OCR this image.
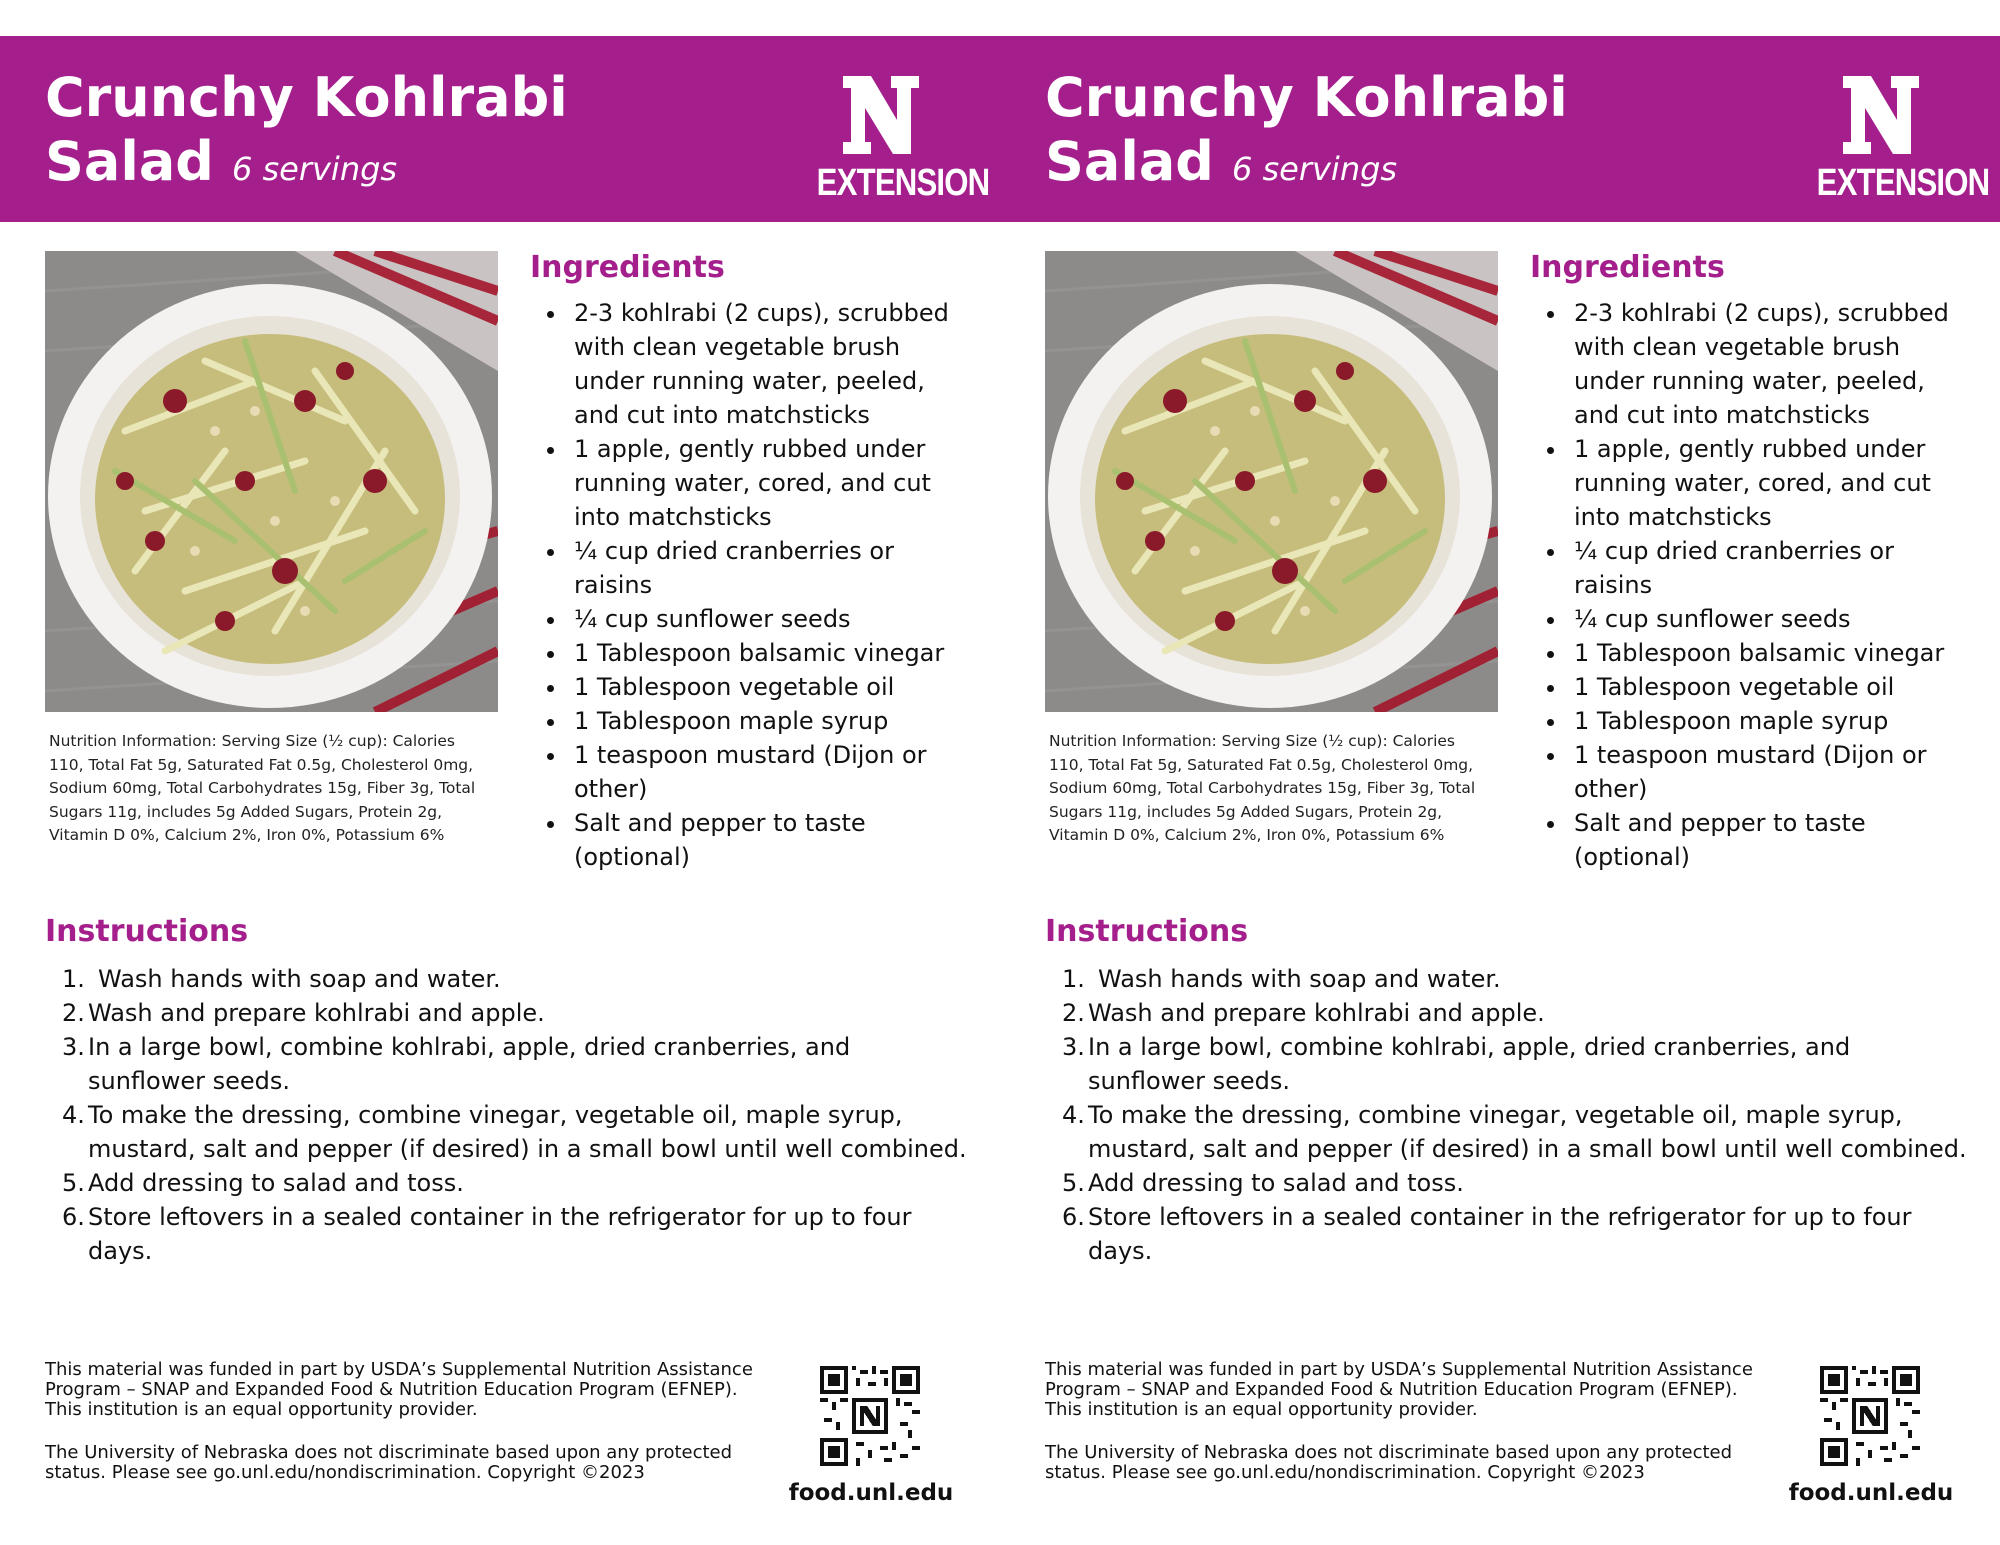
Crunchy Kohlrabi
Salad 6 servings	EXTENSION

Nutrition Information: Serving Size (½ cup): Calories 110, Total Fat 5g, Saturated Fat 0.5g, Cholesterol 0mg, Sodium 60mg, Total Carbohydrates 15g, Fiber 3g, Total Sugars 11g, includes 5g Added Sugars, Protein 2g, Vitamin D 0%, Calcium 2%, Iron 0%, Potassium 6%

Ingredients
2-3 kohlrabi (2 cups), scrubbed with clean vegetable brush under running water, peeled, and cut into matchsticks
1 apple, gently rubbed under running water, cored, and cut into matchsticks
¼ cup dried cranberries or raisins
¼ cup sunflower seeds
1 Tablespoon balsamic vinegar
1 Tablespoon vegetable oil
1 Tablespoon maple syrup
1 teaspoon mustard (Dijon or other)
Salt and pepper to taste (optional)
Instructions
1. Wash hands with soap and water.
2. Wash and prepare kohlrabi and apple.
3. In a large bowl, combine kohlrabi, apple, dried cranberries, and sunflower seeds.
4. To make the dressing, combine vinegar, vegetable oil, maple syrup, mustard, salt and pepper (if desired) in a small bowl until well combined.
5. Add dressing to salad and toss.
6. Store leftovers in a sealed container in the refrigerator for up to four days.

This material was funded in part by USDA’s Supplemental Nutrition Assistance Program – SNAP and Expanded Food & Nutrition Education Program (EFNEP). This institution is an equal opportunity provider.

The University of Nebraska does not discriminate based upon any protected status. Please see go.unl.edu/nondiscrimination. Copyright ©2023

food.unl.edu
Crunchy Kohlrabi
Salad 6 servings	EXTENSION

Nutrition Information: Serving Size (½ cup): Calories 110, Total Fat 5g, Saturated Fat 0.5g, Cholesterol 0mg, Sodium 60mg, Total Carbohydrates 15g, Fiber 3g, Total Sugars 11g, includes 5g Added Sugars, Protein 2g, Vitamin D 0%, Calcium 2%, Iron 0%, Potassium 6%

Ingredients
2-3 kohlrabi (2 cups), scrubbed with clean vegetable brush under running water, peeled, and cut into matchsticks
1 apple, gently rubbed under running water, cored, and cut into matchsticks
¼ cup dried cranberries or raisins
¼ cup sunflower seeds
1 Tablespoon balsamic vinegar
1 Tablespoon vegetable oil
1 Tablespoon maple syrup
1 teaspoon mustard (Dijon or other)
Salt and pepper to taste (optional)
Instructions
1. Wash hands with soap and water.
2. Wash and prepare kohlrabi and apple.
3. In a large bowl, combine kohlrabi, apple, dried cranberries, and sunflower seeds.
4. To make the dressing, combine vinegar, vegetable oil, maple syrup, mustard, salt and pepper (if desired) in a small bowl until well combined.
5. Add dressing to salad and toss.
6. Store leftovers in a sealed container in the refrigerator for up to four days.

This material was funded in part by USDA’s Supplemental Nutrition Assistance Program – SNAP and Expanded Food & Nutrition Education Program (EFNEP). This institution is an equal opportunity provider.

The University of Nebraska does not discriminate based upon any protected status. Please see go.unl.edu/nondiscrimination. Copyright ©2023

food.unl.edu
